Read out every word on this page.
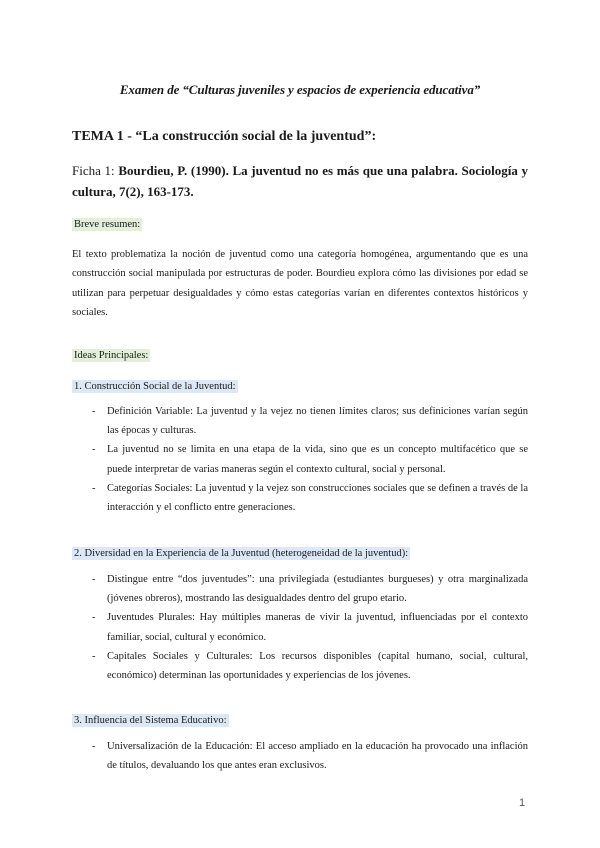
Examen de “Culturas juveniles y espacios de experiencia educativa”
TEMA 1 - “La construcción social de la juventud”:
Ficha 1: Bourdieu, P. (1990). La juventud no es más que una palabra. Sociología y cultura, 7(2), 163-173.
Breve resumen:
El texto problematiza la noción de juventud como una categoría homogénea, argumentando que es una construcción social manipulada por estructuras de poder. Bourdieu explora cómo las divisiones por edad se utilizan para perpetuar desigualdades y cómo estas categorías varían en diferentes contextos históricos y sociales.
Ideas Principales:
1. Construcción Social de la Juventud:
- Definición Variable: La juventud y la vejez no tienen límites claros; sus definiciones varían según las épocas y culturas.
- La juventud no se limita en una etapa de la vida, sino que es un concepto multifacético que se puede interpretar de varias maneras según el contexto cultural, social y personal.
- Categorías Sociales: La juventud y la vejez son construcciones sociales que se definen a través de la interacción y el conflicto entre generaciones.
2. Diversidad en la Experiencia de la Juventud (heterogeneidad de la juventud):
- Distingue entre “dos juventudes”: una privilegiada (estudiantes burgueses) y otra marginalizada (jóvenes obreros), mostrando las desigualdades dentro del grupo etario.
- Juventudes Plurales: Hay múltiples maneras de vivir la juventud, influenciadas por el contexto familiar, social, cultural y económico.
- Capitales Sociales y Culturales: Los recursos disponibles (capital humano, social, cultural, económico) determinan las oportunidades y experiencias de los jóvenes.
3. Influencia del Sistema Educativo:
- Universalización de la Educación: El acceso ampliado en la educación ha provocado una inflación de títulos, devaluando los que antes eran exclusivos.
1
